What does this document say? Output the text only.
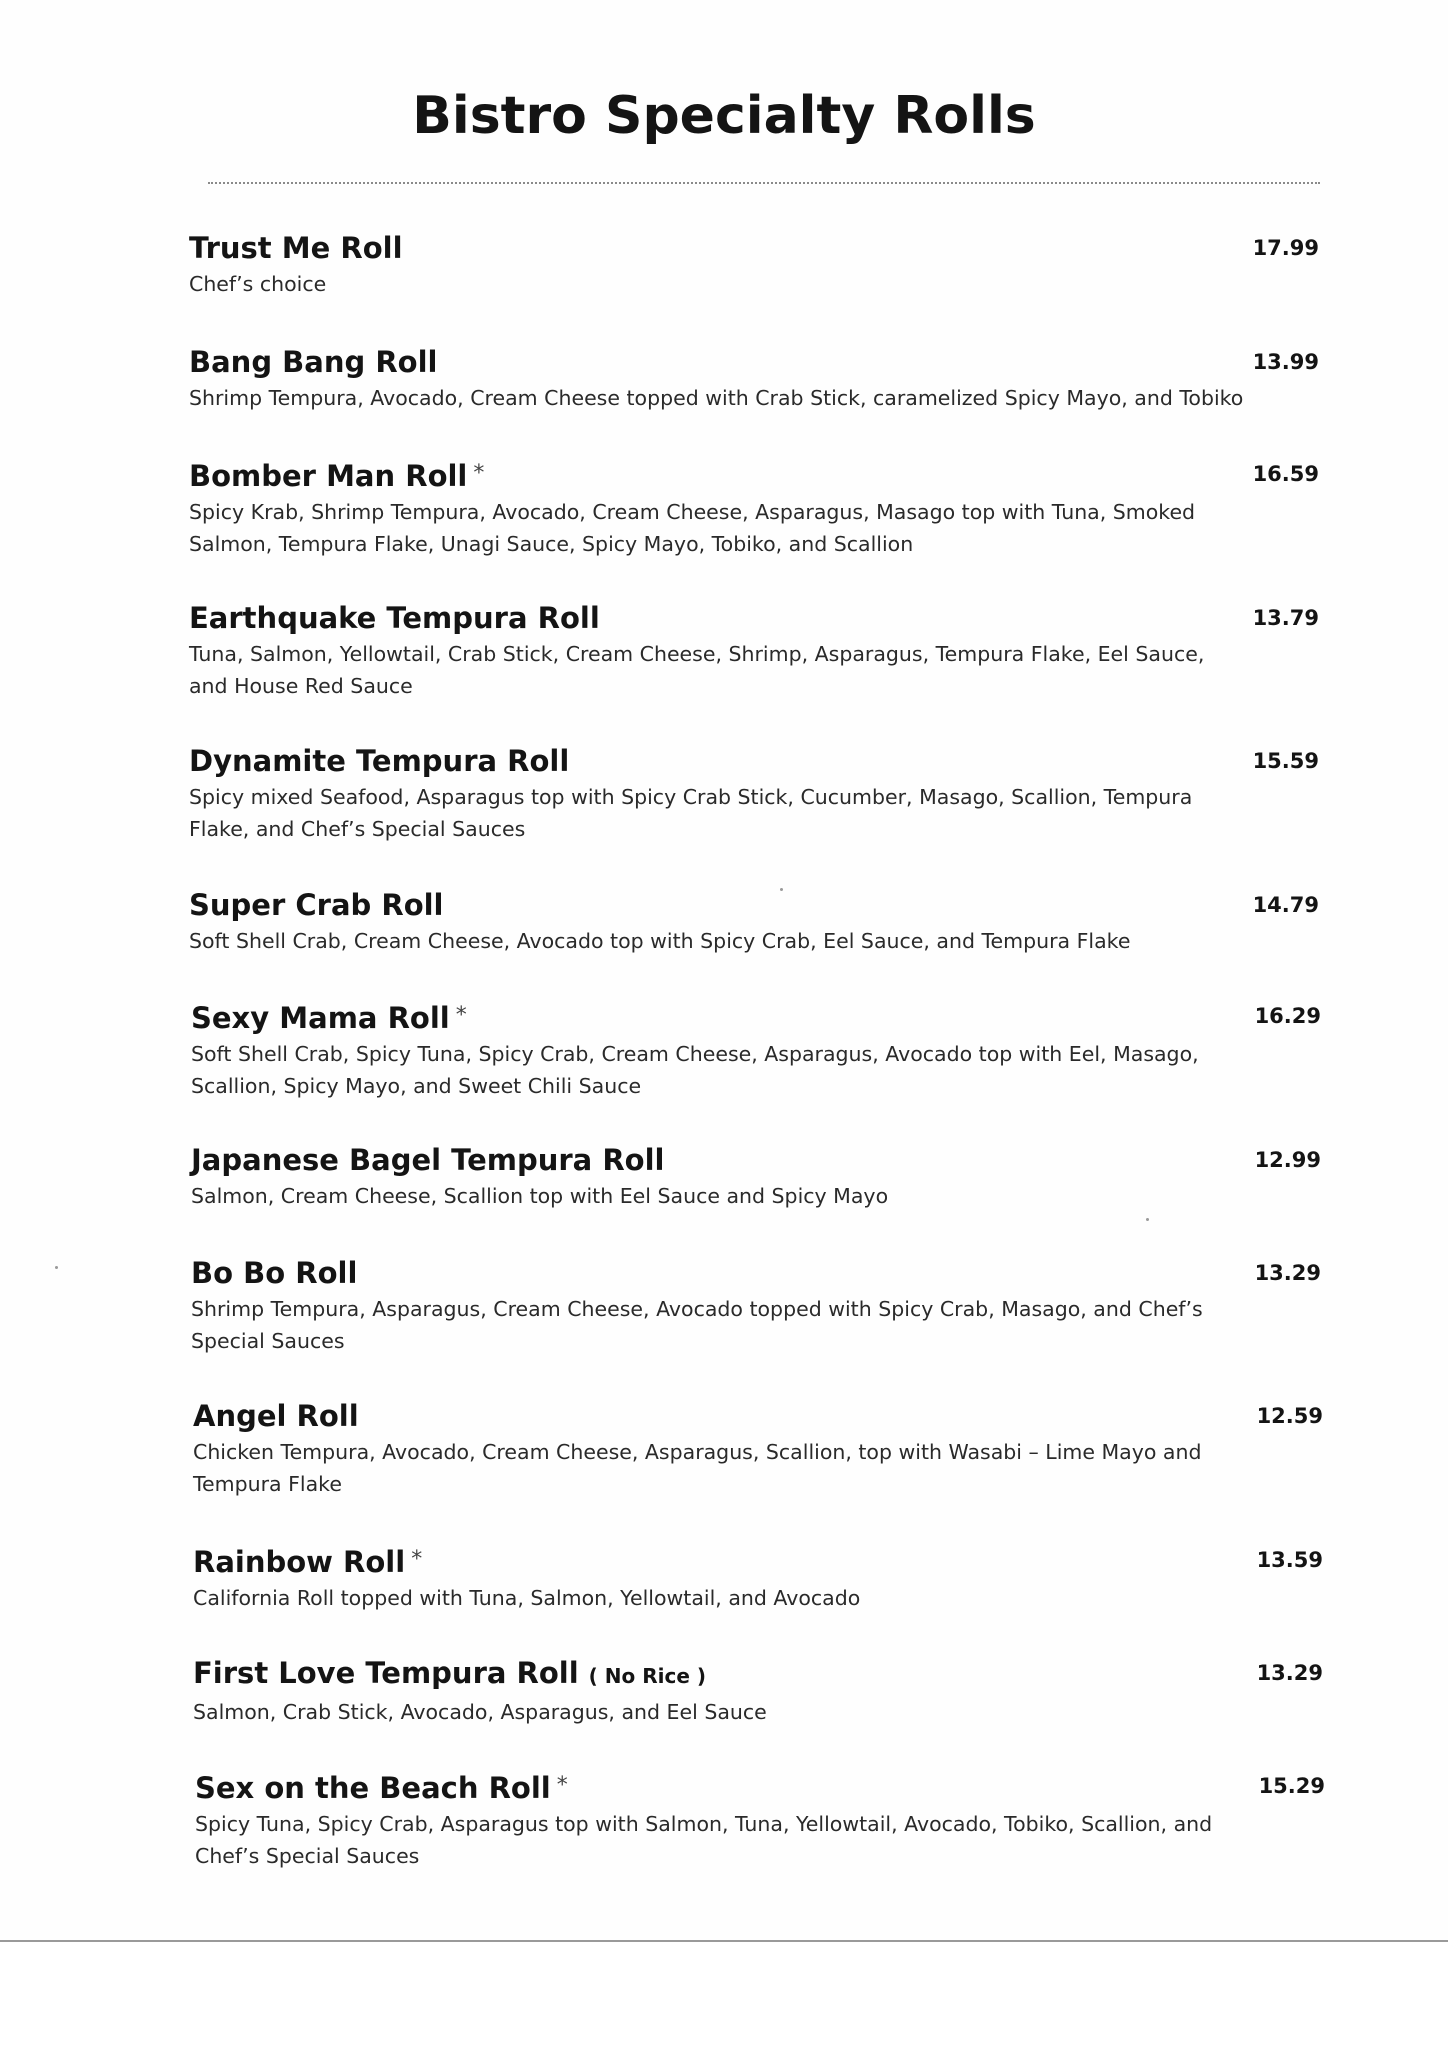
Bistro Specialty Rolls
Trust Me Roll
Chef’s choice
17.99
Bang Bang Roll
Shrimp Tempura, Avocado, Cream Cheese topped with Crab Stick, caramelized Spicy Mayo, and Tobiko
13.99
Bomber Man Roll *
Spicy Krab, Shrimp Tempura, Avocado, Cream Cheese, Asparagus, Masago top with Tuna, Smoked Salmon, Tempura Flake, Unagi Sauce, Spicy Mayo, Tobiko, and Scallion
16.59
Earthquake Tempura Roll
Tuna, Salmon, Yellowtail, Crab Stick, Cream Cheese, Shrimp, Asparagus, Tempura Flake, Eel Sauce, and House Red Sauce
13.79
Dynamite Tempura Roll
Spicy mixed Seafood, Asparagus top with Spicy Crab Stick, Cucumber, Masago, Scallion, Tempura Flake, and Chef’s Special Sauces
15.59
Super Crab Roll
Soft Shell Crab, Cream Cheese, Avocado top with Spicy Crab, Eel Sauce, and Tempura Flake
14.79
Sexy Mama Roll *
Soft Shell Crab, Spicy Tuna, Spicy Crab, Cream Cheese, Asparagus, Avocado top with Eel, Masago, Scallion, Spicy Mayo, and Sweet Chili Sauce
16.29
Japanese Bagel Tempura Roll
Salmon, Cream Cheese, Scallion top with Eel Sauce and Spicy Mayo
12.99
Bo Bo Roll
Shrimp Tempura, Asparagus, Cream Cheese, Avocado topped with Spicy Crab, Masago, and Chef’s Special Sauces
13.29
Angel Roll
Chicken Tempura, Avocado, Cream Cheese, Asparagus, Scallion, top with Wasabi – Lime Mayo and Tempura Flake
12.59
Rainbow Roll *
California Roll topped with Tuna, Salmon, Yellowtail, and Avocado
13.59
First Love Tempura Roll ( No Rice )
Salmon, Crab Stick, Avocado, Asparagus, and Eel Sauce
13.29
Sex on the Beach Roll *
Spicy Tuna, Spicy Crab, Asparagus top with Salmon, Tuna, Yellowtail, Avocado, Tobiko, Scallion, and Chef’s Special Sauces
15.29
